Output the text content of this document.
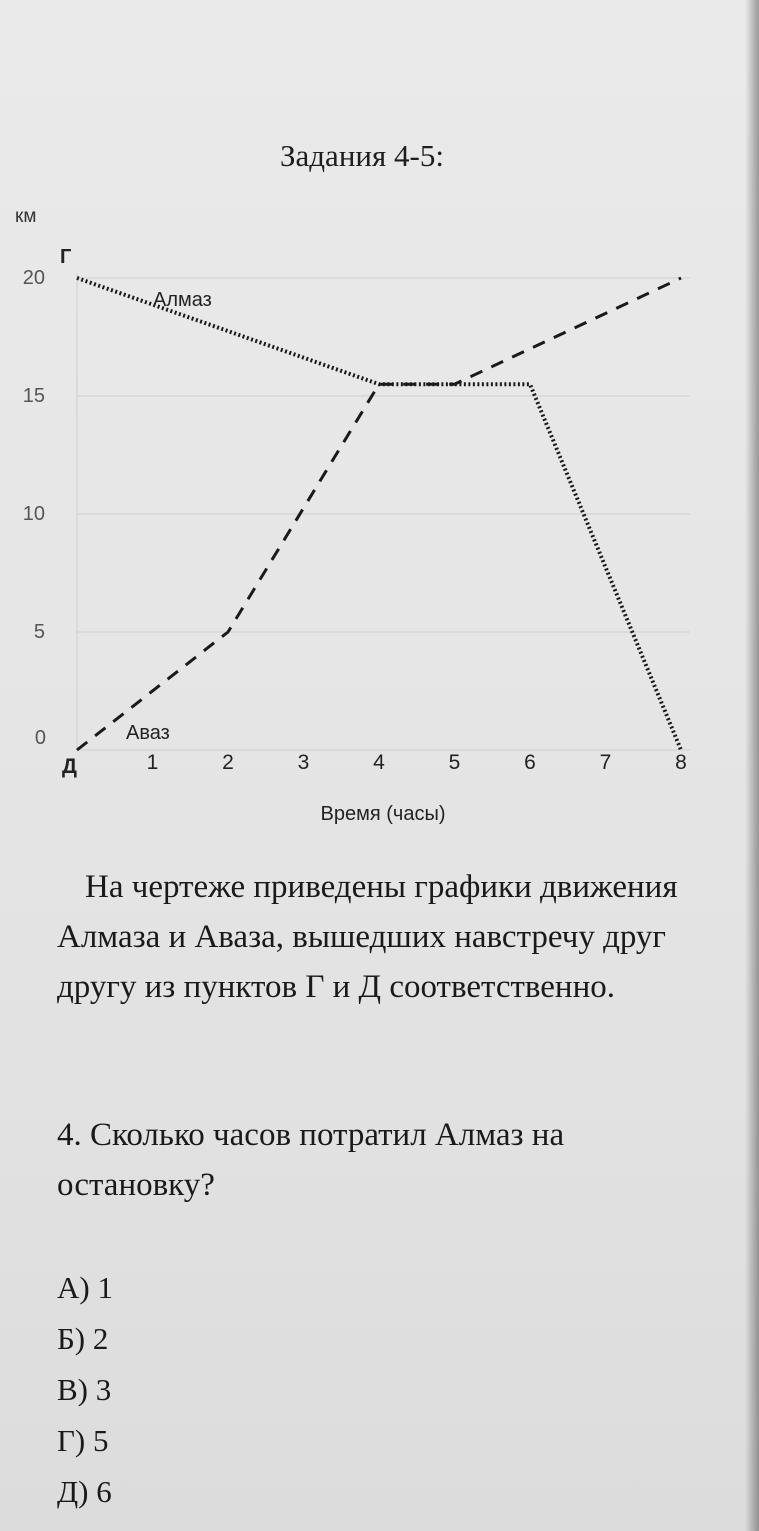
Задания 4-5:
0
5
10
15
20
1	2	3	4	5	6	7	8
км
Время (часы)
Алмаз
Аваз
Г
Д

На чертеже приведены графики движения Алмаза и Аваза, вышедших навстречу друг другу из пунктов Г и Д соответственно.

4. Сколько часов потратил Алмаз на остановку?
А) 1
Б) 2
В) 3
Г) 5
Д) 6
